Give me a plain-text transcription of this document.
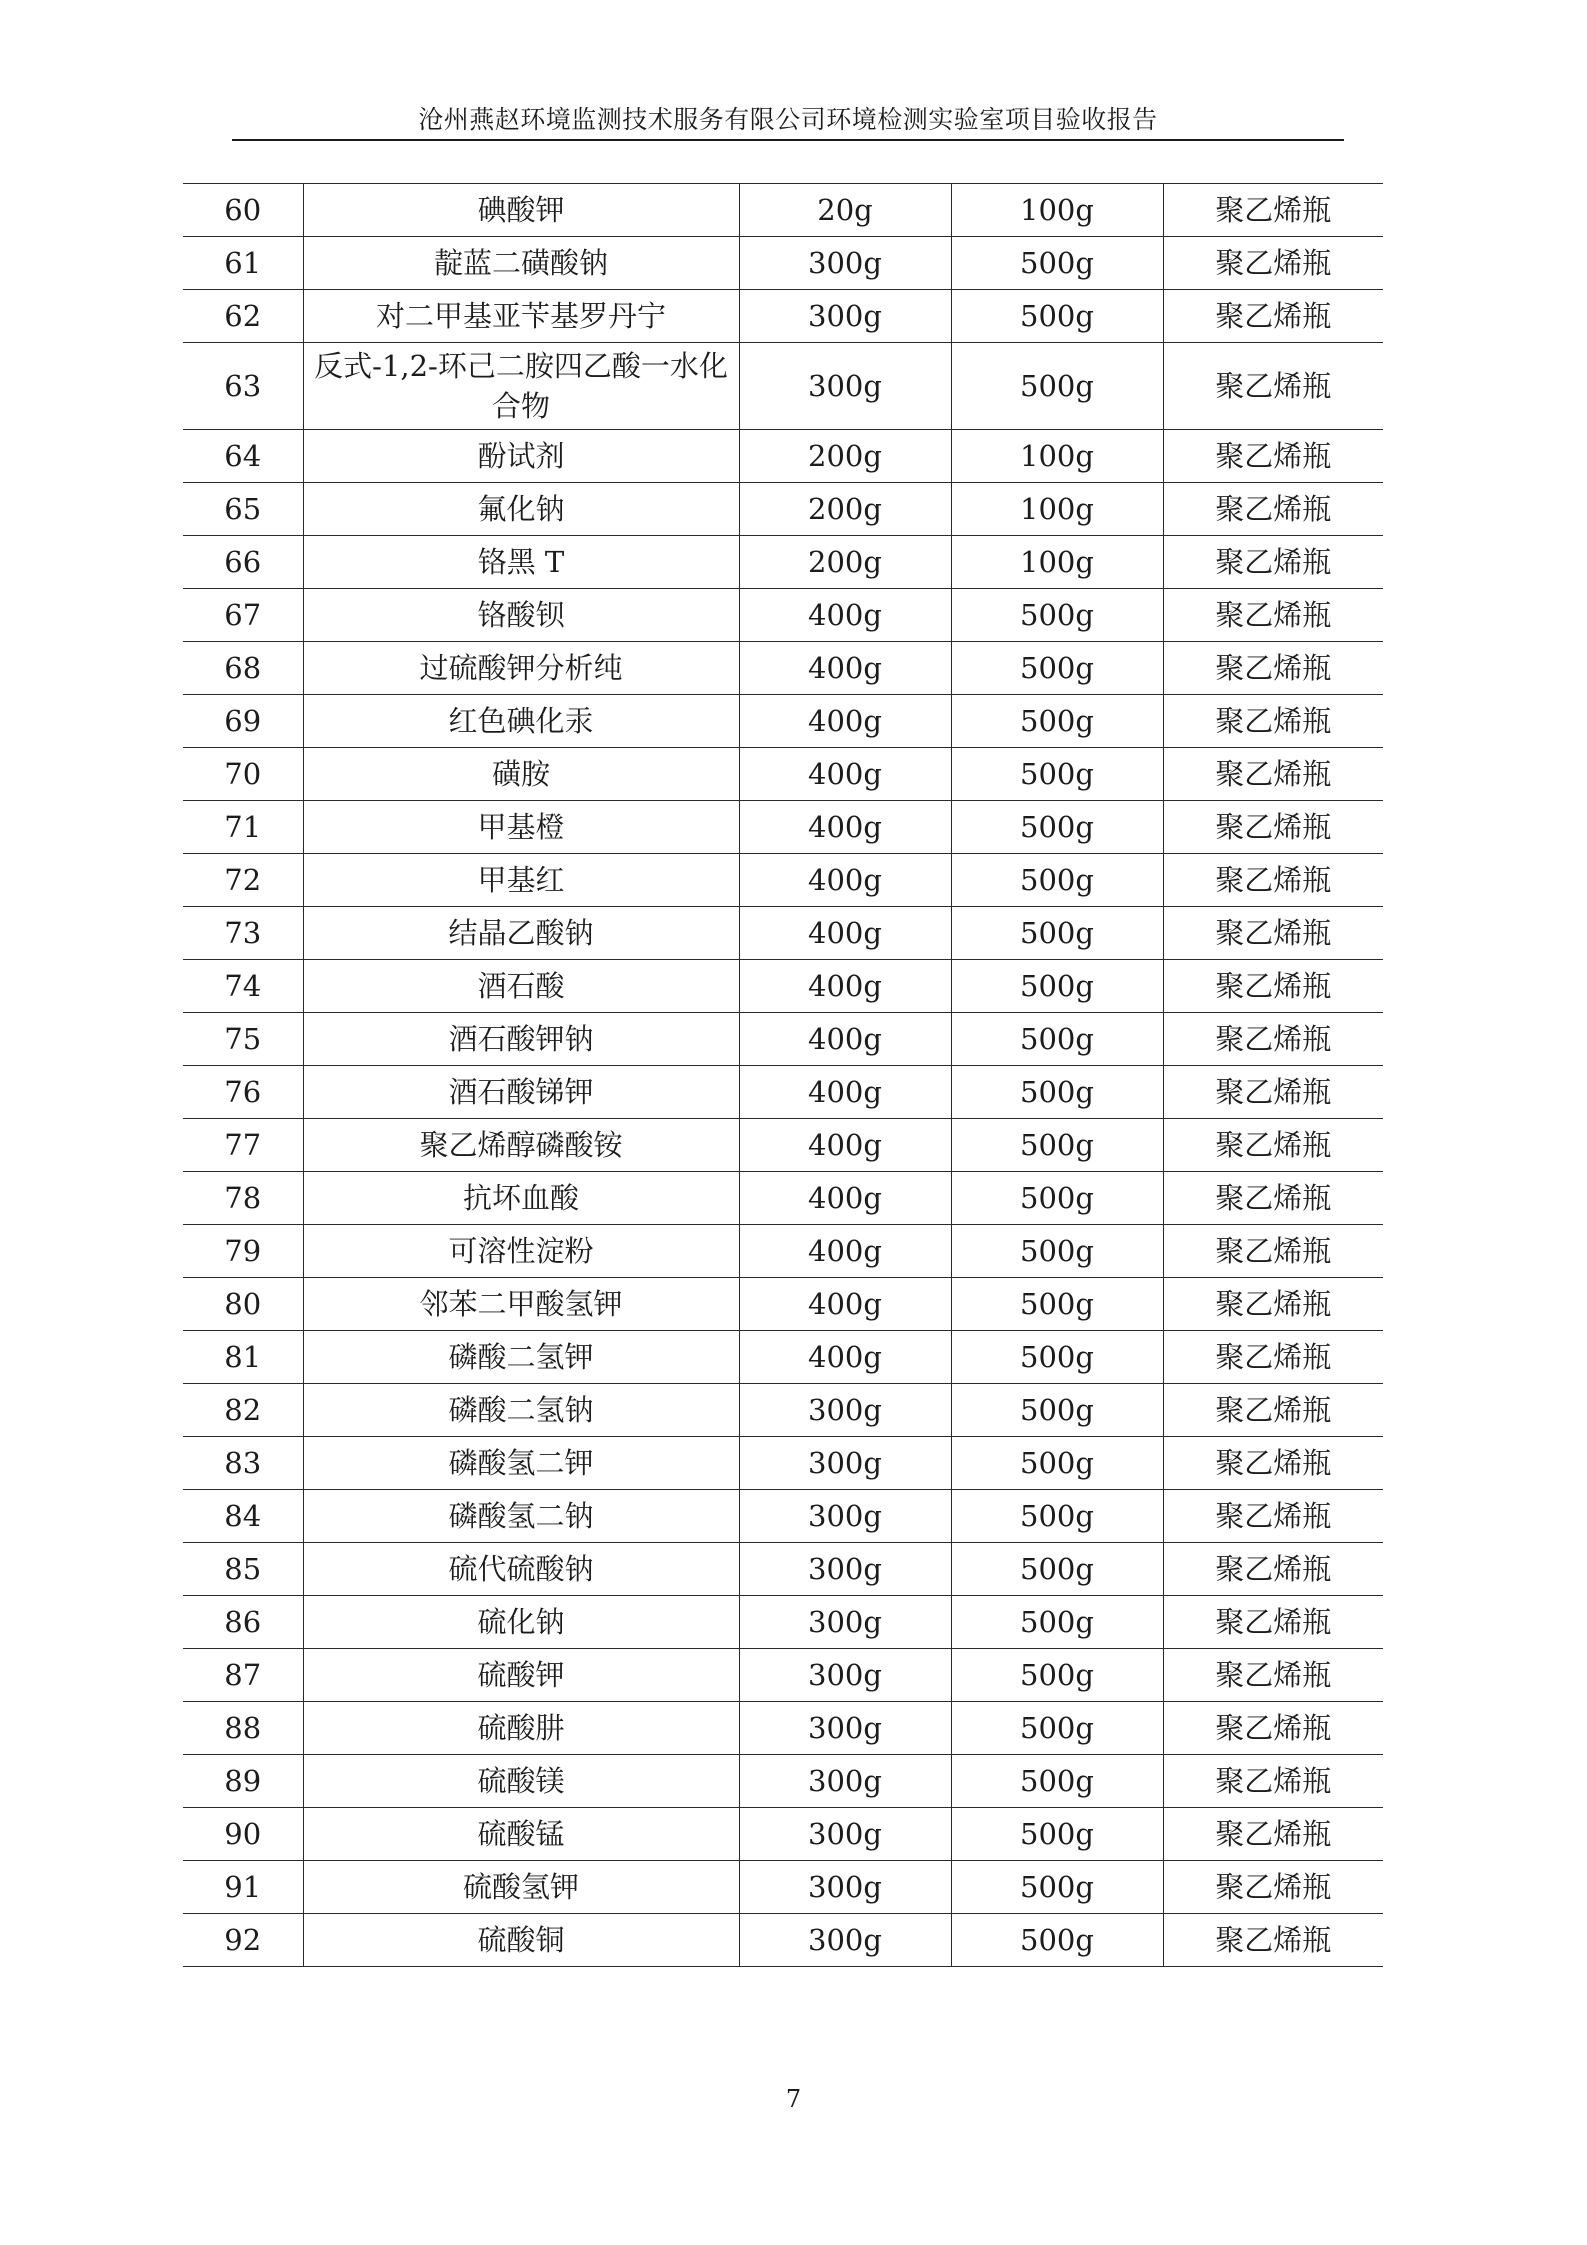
沧州燕赵环境监测技术服务有限公司环境检测实验室项目验收报告
60	碘酸钾	20g	100g	聚乙烯瓶
61	靛蓝二磺酸钠	300g	500g	聚乙烯瓶
62	对二甲基亚苄基罗丹宁	300g	500g	聚乙烯瓶
63	反式-1,2-环己二胺四乙酸一水化合物	300g	500g	聚乙烯瓶
64	酚试剂	200g	100g	聚乙烯瓶
65	氟化钠	200g	100g	聚乙烯瓶
66	铬黑 T	200g	100g	聚乙烯瓶
67	铬酸钡	400g	500g	聚乙烯瓶
68	过硫酸钾分析纯	400g	500g	聚乙烯瓶
69	红色碘化汞	400g	500g	聚乙烯瓶
70	磺胺	400g	500g	聚乙烯瓶
71	甲基橙	400g	500g	聚乙烯瓶
72	甲基红	400g	500g	聚乙烯瓶
73	结晶乙酸钠	400g	500g	聚乙烯瓶
74	酒石酸	400g	500g	聚乙烯瓶
75	酒石酸钾钠	400g	500g	聚乙烯瓶
76	酒石酸锑钾	400g	500g	聚乙烯瓶
77	聚乙烯醇磷酸铵	400g	500g	聚乙烯瓶
78	抗坏血酸	400g	500g	聚乙烯瓶
79	可溶性淀粉	400g	500g	聚乙烯瓶
80	邻苯二甲酸氢钾	400g	500g	聚乙烯瓶
81	磷酸二氢钾	400g	500g	聚乙烯瓶
82	磷酸二氢钠	300g	500g	聚乙烯瓶
83	磷酸氢二钾	300g	500g	聚乙烯瓶
84	磷酸氢二钠	300g	500g	聚乙烯瓶
85	硫代硫酸钠	300g	500g	聚乙烯瓶
86	硫化钠	300g	500g	聚乙烯瓶
87	硫酸钾	300g	500g	聚乙烯瓶
88	硫酸肼	300g	500g	聚乙烯瓶
89	硫酸镁	300g	500g	聚乙烯瓶
90	硫酸锰	300g	500g	聚乙烯瓶
91	硫酸氢钾	300g	500g	聚乙烯瓶
92	硫酸铜	300g	500g	聚乙烯瓶
7
